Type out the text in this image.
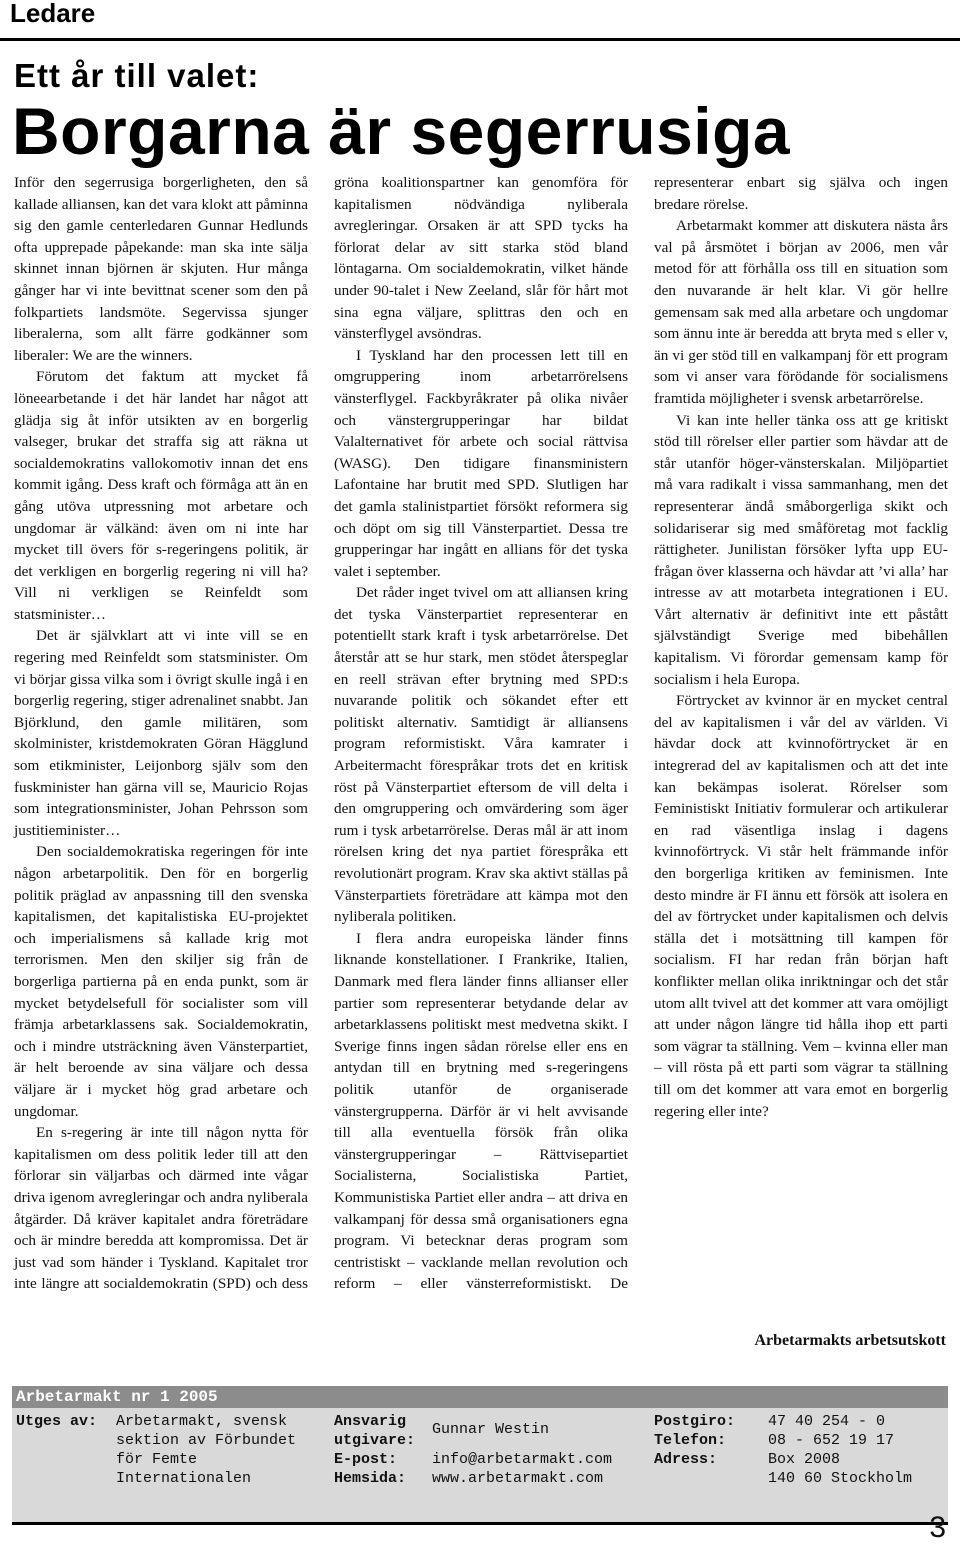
Ledare
Ett år till valet:
Borgarna är segerrusiga

Inför den segerrusiga borgerligheten, den så kallade alliansen, kan det vara klokt att påminna sig den gamle centerledaren Gunnar Hedlunds ofta upprepade påpekande: man ska inte sälja skinnet innan björnen är skjuten. Hur många gånger har vi inte bevittnat scener som den på folkpartiets landsmöte. Segervissa sjunger liberalerna, som allt färre godkänner som liberaler: We are the winners.

Förutom det faktum att mycket få löneearbetande i det här landet har något att glädja sig åt inför utsikten av en borgerlig valseger, brukar det straffa sig att räkna ut socialdemokratins vallokomotiv innan det ens kommit igång. Dess kraft och förmåga att än en gång utöva utpressning mot arbetare och ungdomar är välkänd: även om ni inte har mycket till övers för s-regeringens politik, är det verkligen en borgerlig regering ni vill ha? Vill ni verkligen se Reinfeldt som statsminister…

Det är självklart att vi inte vill se en regering med Reinfeldt som statsminister. Om vi börjar gissa vilka som i övrigt skulle ingå i en borgerlig regering, stiger adrenalinet snabbt. Jan Björklund, den gamle militären, som skolminister, kristdemokraten Göran Hägglund som etikminister, Leijonborg själv som den fuskminister han gärna vill se, Mauricio Rojas som integrationsminister, Johan Pehrsson som justitieminister…

Den socialdemokratiska regeringen för inte någon arbetarpolitik. Den för en borgerlig politik präglad av anpassning till den svenska kapitalismen, det kapitalistiska EU-projektet och imperialismens så kallade krig mot terrorismen. Men den skiljer sig från de borgerliga partierna på en enda punkt, som är mycket betydelsefull för socialister som vill främja arbetarklassens sak. Socialdemokratin, och i mindre utsträckning även Vänsterpartiet, är helt beroende av sina väljare och dessa väljare är i mycket hög grad arbetare och ungdomar.

En s-regering är inte till någon nytta för kapitalismen om dess politik leder till att den förlorar sin väljarbas och därmed inte vågar driva igenom avregleringar och andra nyliberala åtgärder. Då kräver kapitalet andra företrädare och är mindre beredda att kompromissa. Det är just vad som händer i Tyskland. Kapitalet tror inte längre att socialdemokratin (SPD) och dess gröna koalitionspartner kan genomföra för kapitalismen nödvändiga nyliberala avregleringar. Orsaken är att SPD tycks ha förlorat delar av sitt starka stöd bland löntagarna. Om socialdemokratin, vilket hände under 90-talet i New Zeeland, slår för hårt mot sina egna väljare, splittras den och en vänsterflygel avsöndras.

I Tyskland har den processen lett till en omgruppering inom arbetarrörelsens vänsterflygel. Fackbyråkrater på olika nivåer och vänstergrupperingar har bildat Valalternativet för arbete och social rättvisa (WASG). Den tidigare finansministern Lafontaine har brutit med SPD. Slutligen har det gamla stalinistpartiet försökt reformera sig och döpt om sig till Vänsterpartiet. Dessa tre grupperingar har ingått en allians för det tyska valet i september.

Det råder inget tvivel om att alliansen kring det tyska Vänsterpartiet representerar en potentiellt stark kraft i tysk arbetarrörelse. Det återstår att se hur stark, men stödet återspeglar en reell strävan efter brytning med SPD:s nuvarande politik och sökandet efter ett politiskt alternativ. Samtidigt är alliansens program reformistiskt. Våra kamrater i Arbeitermacht förespråkar trots det en kritisk röst på Vänsterpartiet eftersom de vill delta i den omgruppering och omvärdering som äger rum i tysk arbetarrörelse. Deras mål är att inom rörelsen kring det nya partiet förespråka ett revolutionärt program. Krav ska aktivt ställas på Vänsterpartiets företrädare att kämpa mot den nyliberala politiken.

I flera andra europeiska länder finns liknande konstellationer. I Frankrike, Italien, Danmark med flera länder finns allianser eller partier som representerar betydande delar av arbetarklassens politiskt mest medvetna skikt. I Sverige finns ingen sådan rörelse eller ens en antydan till en brytning med s-regeringens politik utanför de organiserade vänstergrupperna. Därför är vi helt avvisande till alla eventuella försök från olika vänstergrupperingar – Rättvisepartiet Socialisterna, Socialistiska Partiet, Kommunistiska Partiet eller andra – att driva en valkampanj för dessa små organisationers egna program. Vi betecknar deras program som centristiskt – vacklande mellan revolution och reform – eller vänsterreformistiskt. De representerar enbart sig själva och ingen bredare rörelse.

Arbetarmakt kommer att diskutera nästa års val på årsmötet i början av 2006, men vår metod för att förhålla oss till en situation som den nuvarande är helt klar. Vi gör hellre gemensam sak med alla arbetare och ungdomar som ännu inte är beredda att bryta med s eller v, än vi ger stöd till en valkampanj för ett program som vi anser vara förödande för socialismens framtida möjligheter i svensk arbetarrörelse.

Vi kan inte heller tänka oss att ge kritiskt stöd till rörelser eller partier som hävdar att de står utanför höger-vänsterskalan. Miljöpartiet må vara radikalt i vissa sammanhang, men det representerar ändå småborgerliga skikt och solidariserar sig med småföretag mot facklig rättigheter. Junilistan försöker lyfta upp EU-frågan över klasserna och hävdar att ’vi alla’ har intresse av att motarbeta integrationen i EU. Vårt alternativ är definitivt inte ett påstått självständigt Sverige med bibehållen kapitalism. Vi förordar gemensam kamp för socialism i hela Europa.

Förtrycket av kvinnor är en mycket central del av kapitalismen i vår del av världen. Vi hävdar dock att kvinnoförtrycket är en integrerad del av kapitalismen och att det inte kan bekämpas isolerat. Rörelser som Feministiskt Initiativ formulerar och artikulerar en rad väsentliga inslag i dagens kvinnoförtryck. Vi står helt främmande inför den borgerliga kritiken av feminismen. Inte desto mindre är FI ännu ett försök att isolera en del av förtrycket under kapitalismen och delvis ställa det i motsättning till kampen för socialism. FI har redan från början haft konflikter mellan olika inriktningar och det står utom allt tvivel att det kommer att vara omöjligt att under någon längre tid hålla ihop ett parti som vägrar ta ställning. Vem – kvinna eller man – vill rösta på ett parti som vägrar ta ställning till om det kommer att vara emot en borgerlig regering eller inte?

Arbetarmakts arbetsutskott
Arbetarmakt nr 1 2005
Utges av: Arbetarmakt, svensk sektion av Förbundet för Femte Internationalen
Ansvarig utgivare:
Gunnar Westin
E-post: info@arbetarmakt.com
Hemsida: www.arbetarmakt.com
Postgiro: 47 40 254 - 0
Telefon:	08 - 652 19 17
Adress:	Box 2008
140 60 Stockholm
3
